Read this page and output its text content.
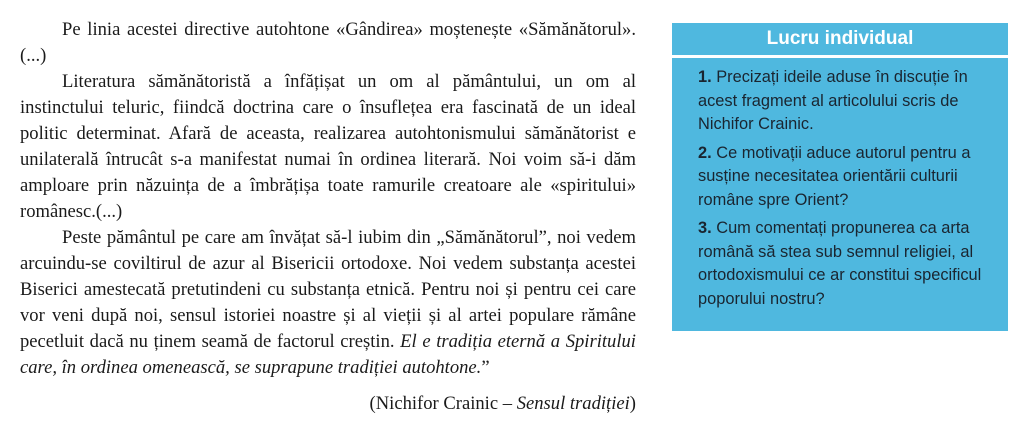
Pe linia acestei directive autohtone «Gândirea» moștenește «Sămănătorul». (...)

Literatura sămănătoristă a înfățișat un om al pământului, un om al instinctului teluric, fiindcă doctrina care o însuflețea era fascinată de un ideal politic determinat. Afară de aceasta, realizarea autohtonismului sămănătorist e unilaterală întrucât s-a manifestat numai în ordinea literară. Noi voim să-i dăm amploare prin năzuința de a îmbrățișa toate ramurile creatoare ale «spiritului» românesc.(...)

Peste pământul pe care am învățat să-l iubim din „Sămănătorul”, noi vedem arcuindu-se coviltirul de azur al Bisericii ortodoxe. Noi vedem substanța acestei Biserici amestecată pretutindeni cu substanța etnică. Pentru noi și pentru cei care vor veni după noi, sensul istoriei noastre și al vieții și al artei populare rămâne pecetluit dacă nu ținem seamă de factorul creștin. El e tradiția eternă a Spiritului care, în ordinea omenească, se suprapune tradiției autohtone.”

(Nichifor Crainic – Sensul tradiției)

Lucru individual
1. Precizați ideile aduse în discuție în acest fragment al articolului scris de Nichifor Crainic.
2. Ce motivații aduce autorul pentru a susține necesitatea orientării culturii române spre Orient?
3. Cum comentați propunerea ca arta română să stea sub semnul religiei, al ortodoxismului ce ar constitui specificul poporului nostru?
